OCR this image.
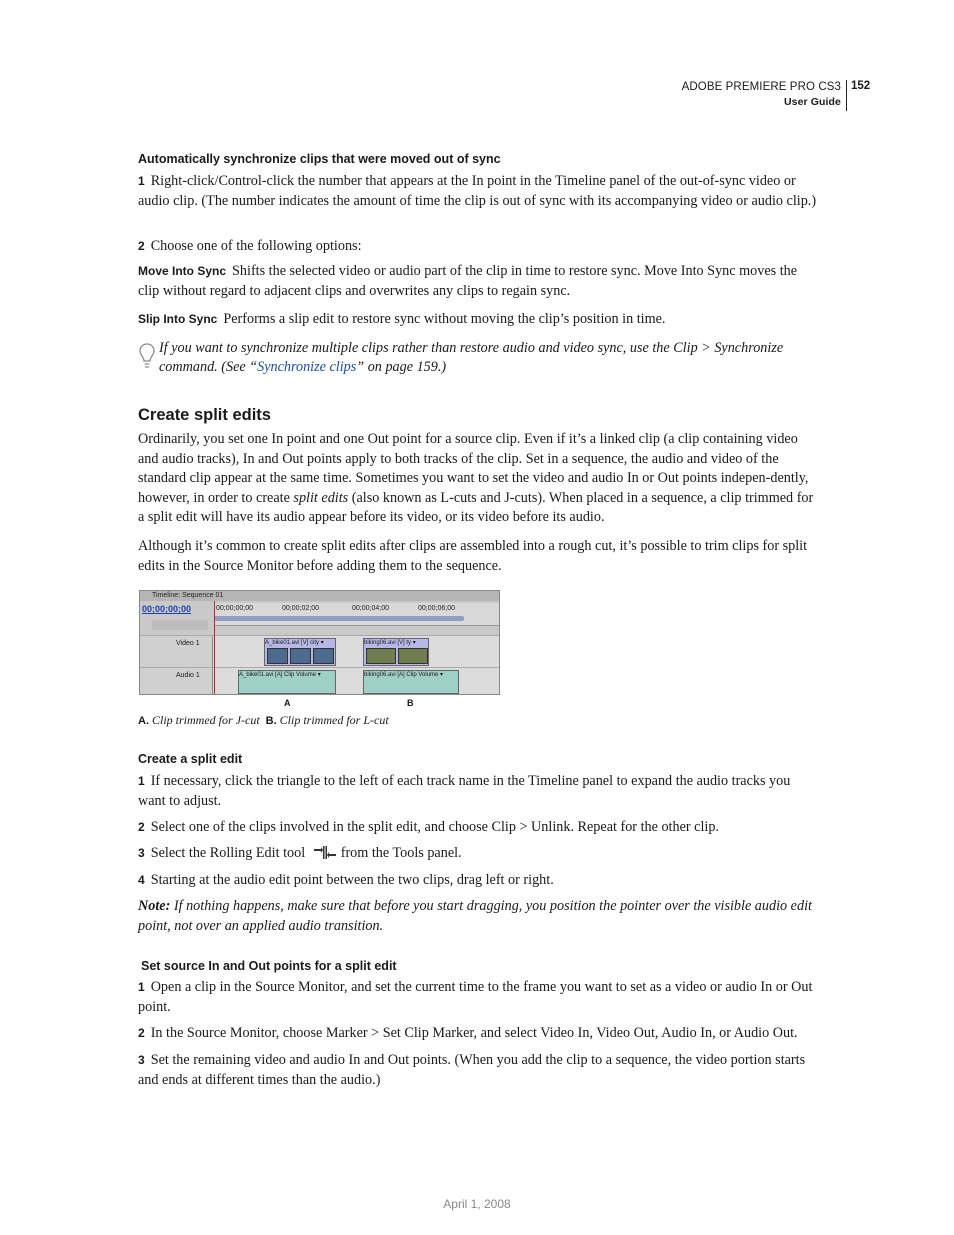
ADOBE PREMIERE PRO CS3
User Guide
152
Automatically synchronize clips that were moved out of sync
1 Right-click/Control-click the number that appears at the In point in the Timeline panel of the out-of-sync video or audio clip. (The number indicates the amount of time the clip is out of sync with its accompanying video or audio clip.)
2 Choose one of the following options:
Move Into Sync Shifts the selected video or audio part of the clip in time to restore sync. Move Into Sync moves the clip without regard to adjacent clips and overwrites any clips to regain sync.
Slip Into Sync Performs a slip edit to restore sync without moving the clip’s position in time.
If you want to synchronize multiple clips rather than restore audio and video sync, use the Clip > Synchronize command. (See “Synchronize clips” on page 159.)
Create split edits
Ordinarily, you set one In point and one Out point for a source clip. Even if it’s a linked clip (a clip containing video and audio tracks), In and Out points apply to both tracks of the clip. Set in a sequence, the audio and video of the standard clip appear at the same time. Sometimes you want to set the video and audio In or Out points indepen-dently, however, in order to create split edits (also known as L-cuts and J-cuts). When placed in a sequence, a clip trimmed for a split edit will have its audio appear before its video, or its video before its audio.
Although it’s common to create split edits after clips are assembled into a rough cut, it’s possible to trim clips for split edits in the Source Monitor before adding them to the sequence.
Timeline: Sequence 01
00;00;00;00	00;00;00;00	00;00;02;00	00;00;04;00	00;00;06;00
Video 1	A_bike01.avi [V] city ▾	biking06.avi [V] ty ▾
Audio 1	A_bike01.avi [A] Clip Volume ▾	biking06.avi [A] Clip Volume ▾
A	B
A. Clip trimmed for J-cut B. Clip trimmed for L-cut
Create a split edit
1 If necessary, click the triangle to the left of each track name in the Timeline panel to expand the audio tracks you want to adjust.
2 Select one of the clips involved in the split edit, and choose Clip > Unlink. Repeat for the other clip.
3 Select the Rolling Edit tool	from the Tools panel.
4 Starting at the audio edit point between the two clips, drag left or right.
Note: If nothing happens, make sure that before you start dragging, you position the pointer over the visible audio edit point, not over an applied audio transition.
Set source In and Out points for a split edit
1 Open a clip in the Source Monitor, and set the current time to the frame you want to set as a video or audio In or Out point.
2 In the Source Monitor, choose Marker > Set Clip Marker, and select Video In, Video Out, Audio In, or Audio Out.
3 Set the remaining video and audio In and Out points. (When you add the clip to a sequence, the video portion starts and ends at different times than the audio.)
April 1, 2008
